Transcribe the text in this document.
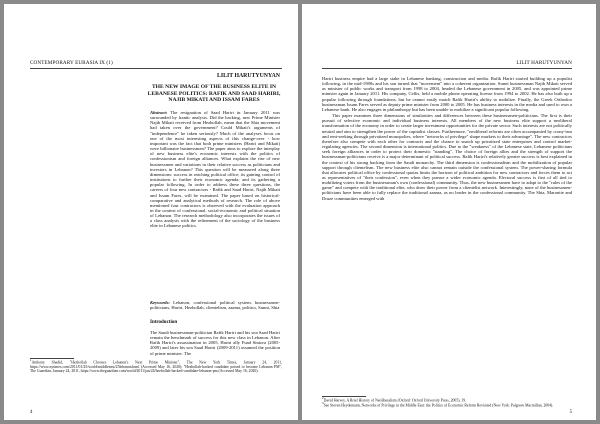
CONTEMPORARY EURASIA IX (1)
LILIT HARUTYUNYAN
THE NEW IMAGE OF THE BUSINESS ELITE IN LEBANESE POLITICS: RAFIK AND SAAD HARIRI, NAJIB MIKATI AND ISSAM FARES
Abstract: The resignation of Saad Hariri in January 2011 was surrounded by frantic analysis. Did the backing, new Prime Minister Najib Mikati received from Hezbollah, mean that the Shia movement had taken over the government? Could Mikati's arguments of "independence" be taken seriously? Much of the analyses focus on one of the most interesting aspects of this change-over - how important was the fact that both prime ministers (Hariri and Mikati) were billionaire businessmen? The paper aims to explore the interplay of new business elite's economic interests with the politics of confessionism and foreign alliances. What explains the rise of new businessmen and variations in their relative success as politicians and investors in Lebanon? This question will be measured along three dimensions: success in reaching political office; its gaining control of institutions to further their economic agenda; and its gathering a popular following. In order to address these three questions, the careers of four new contractors - Rafik and Saad Hariri, Najib Mikati and Issam Fares, will be examined. The paper based on historical-comparative and analytical methods of research. The role of above mentioned four contractors is observed with the evaluation approach in the context of confessional, social-economic and political situation of Lebanon. The research methodology also incorporates the issues of a class analysis with the refinement of the sociology of the business elite in Lebanese politics.
Keywords: Lebanon, confessional political system, businessmen-politicians, Hariri, Hezbollah, clientelism, zaama, politics, Sunni, Shia
Introduction
The Saudi businessman-politician Rafik Hariri and his son Saad Hariri remain the benchmark of success for this new class in Lebanon. After Rafik Hariri's assassination in 2005, Hariri ally Fuad Siniora (2005-2009) and later his son Saad Hariri (2009-2011) assumed the position of prime minister. The
$^1$Anthony Shadid, "Hezbollah Chooses Lebanon's Next Prime Minister", The New York Times, January 24, 2011, https://www.nytimes.com/2011/01/25/world/middleeast/25lebanon.html (Accessed May 16, 2020); "Hezbollah-backed candidate poised to become Lebanon PM", The Guardian, January 24, 2011, https://www.theguardian.com/world/2011/jan/24/hezbollah-backed-candidate-lebanon-pm (Accessed May 16, 2020).
4
LILIT HARUTYUNYAN

Hariri business empire had a large stake in Lebanese banking, construction and media. Rafik Hariri started building up a populist following, in the mid-1980s and his son turned that "movement" into a coherent organization. Sunni businessman Najib Mikati served as minister of public works and transport from 1998 to 2004, headed the Lebanese government in 2005, and was appointed prime minister again in January 2011. His company, Cellis, held a mobile phone operating license from 1994 to 2002. He has also built up a popular following through foundations, but he cannot easily match Rafik Hariri's ability to mobilize. Finally, the Greek Orthodox businessman Issam Fares served as deputy prime minister from 2000 to 2005. He has business interests in the media and used to own a Lebanese bank. He also engages in philanthropy but has been unable to mobilize a significant popular following.

This paper examines three dimensions of similarities and differences between these businessmen-politicians. The first is their pursuit of selective economic and individual business interests. All members of the new business elite support a neoliberal transformation of the economy in order to create larger investment opportunities for the private sector. Such interests are not politically neutral and aim to strengthen the power of the capitalist classes. Furthermore, "neoliberal reforms are often accompanied by crony-ism and rent-seeking through privatized monopolies, where "networks of privilege" shape markets to their advantage". The new contractors therefore also compete with each other for contracts and the chance to snatch up privatized state enterprises and control market-regulating agencies. The second dimension is international politics. Due to the "weakness" of the Lebanese state, Lebanese politicians seek foreign alliances in order to protect their domestic "standing". The choice of foreign allies and the strength of support the businessman-politicians receive is a major determinant of political success. Rafik Hariri's relatively greater success is best explained in the context of his strong backing from the Saudi monarchy. The third dimension is confessionalism and the mobilization of popular support through clientelism. The new business elite also cannot remain outside the confessional system. The power-sharing formula that allocates political office by confessional quotas limits the horizon of political ambition for new contractors and forces them to act as representatives of "their confession", even when they pursue a wider economic agenda. Electoral success is first of all tied to mobilizing voters from the businessman's own (confessional) community. Thus, the new businessmen have to adapt to the "rules of the game" and compete with the traditional elite, who draw their power from a clientelist network. Interestingly, none of the businessmen-politicians have been able to fully replace the traditional zaama, as no leader in the confessional community. The Shia, Maronite and Druze communities emerged with

$^2$David Harvey, A Brief History of Neoliberalism (Oxford: Oxford University Press, 2005), 19.
$^3$See Steven Heydemann, Networks of Privilege in the Middle East: the Politics of Economic Reform Revisited (New York: Palgrave Macmillan, 2004).
5
